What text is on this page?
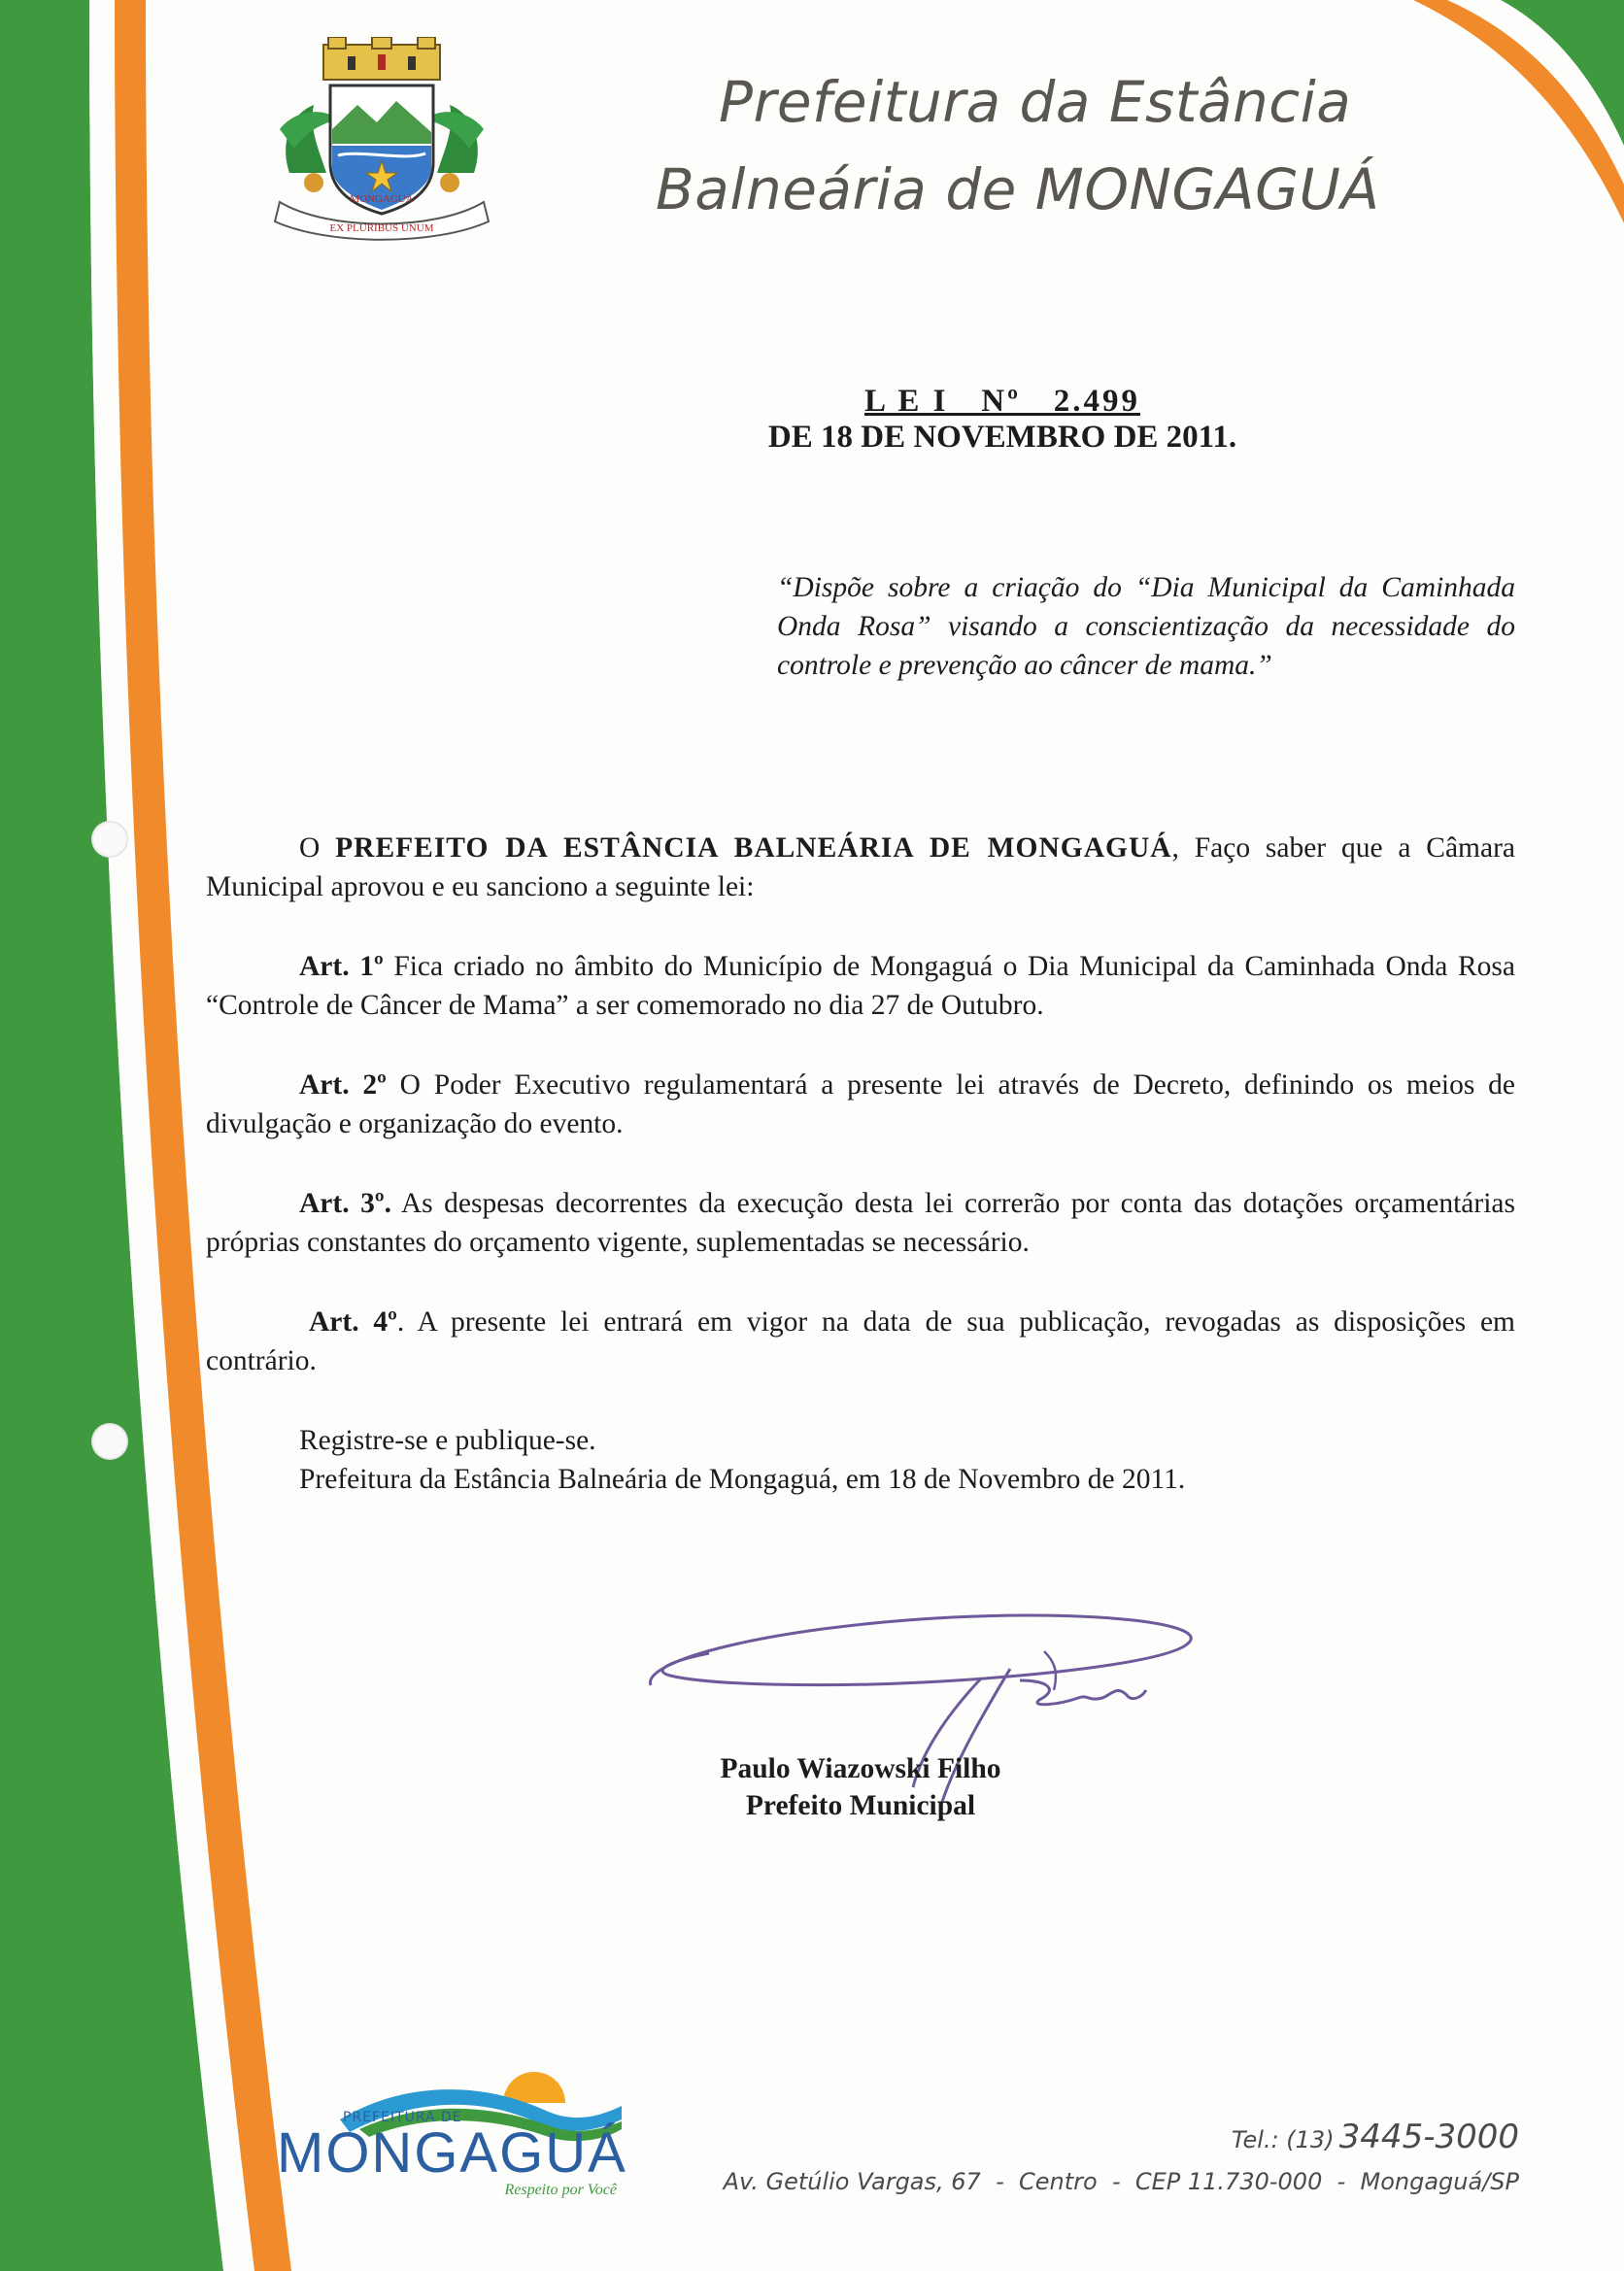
MONGAGUÁ
EX PLURIBUS UNUM
Prefeitura da Estância
Balneária de MONGAGUÁ
L E I   Nº   2.499
DE 18 DE NOVEMBRO DE 2011.
“Dispõe sobre a criação do “Dia Municipal da Caminhada Onda Rosa” visando a conscientização da necessidade do controle e prevenção ao câncer de mama.”
O PREFEITO DA ESTÂNCIA BALNEÁRIA DE MONGAGUÁ, Faço saber que a Câmara Municipal aprovou e eu sanciono a seguinte lei:
Art. 1º Fica criado no âmbito do Município de Mongaguá o Dia Municipal da Caminhada Onda Rosa “Controle de Câncer de Mama” a ser comemorado no dia 27 de Outubro.
Art. 2º O Poder Executivo regulamentará a presente lei através de Decreto, definindo os meios de divulgação e organização do evento.
Art. 3º. As despesas decorrentes da execução desta lei correrão por conta das dotações orçamentárias próprias constantes do orçamento vigente, suplementadas se necessário.
Art. 4º. A presente lei entrará em vigor na data de sua publicação, revogadas as disposições em contrário.
Registre-se e publique-se.
Prefeitura da Estância Balneária de Mongaguá, em 18 de Novembro de 2011.
Paulo Wiazowski Filho
Prefeito Municipal
PREFEITURA DE
MONGAGUÁ
Respeito por Você
Tel.: (13) 3445-3000
Av. Getúlio Vargas, 67  -  Centro  -  CEP 11.730-000  -  Mongaguá/SP
